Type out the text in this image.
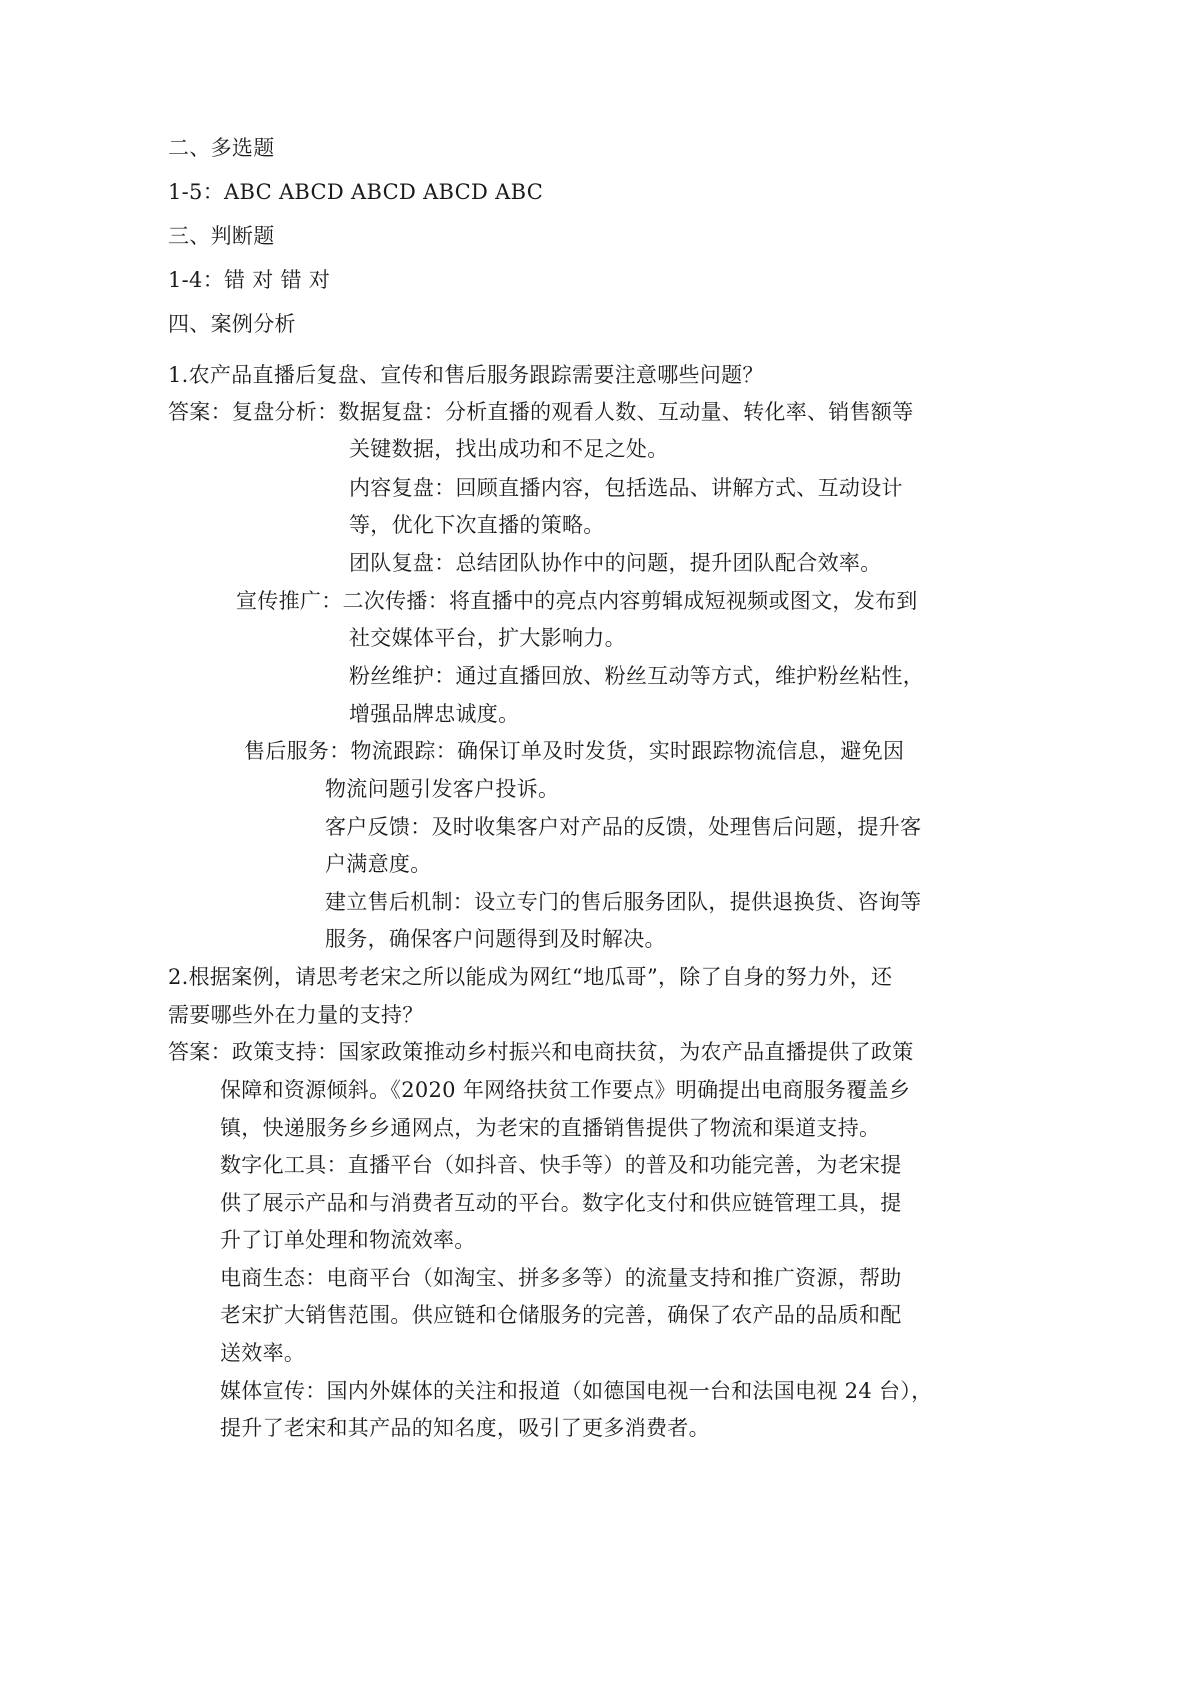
二、多选题
1-5：ABC ABCD ABCD ABCD ABC
三、判断题
1-4：错 对 错 对
四、案例分析
1.农产品直播后复盘、宣传和售后服务跟踪需要注意哪些问题？
答案：复盘分析：数据复盘：分析直播的观看人数、互动量、转化率、销售额等
关键数据，找出成功和不足之处。
内容复盘：回顾直播内容，包括选品、讲解方式、互动设计
等，优化下次直播的策略。
团队复盘：总结团队协作中的问题，提升团队配合效率。
宣传推广：二次传播：将直播中的亮点内容剪辑成短视频或图文，发布到
社交媒体平台，扩大影响力。
粉丝维护：通过直播回放、粉丝互动等方式，维护粉丝粘性，
增强品牌忠诚度。
售后服务：物流跟踪：确保订单及时发货，实时跟踪物流信息，避免因
物流问题引发客户投诉。
客户反馈：及时收集客户对产品的反馈，处理售后问题，提升客
户满意度。
建立售后机制：设立专门的售后服务团队，提供退换货、咨询等
服务，确保客户问题得到及时解决。
2.根据案例，请思考老宋之所以能成为网红“地瓜哥”，除了自身的努力外，还
需要哪些外在力量的支持？
答案：政策支持：国家政策推动乡村振兴和电商扶贫，为农产品直播提供了政策
保障和资源倾斜。《2020 年网络扶贫工作要点》明确提出电商服务覆盖乡
镇，快递服务乡乡通网点，为老宋的直播销售提供了物流和渠道支持。
数字化工具：直播平台（如抖音、快手等）的普及和功能完善，为老宋提
供了展示产品和与消费者互动的平台。数字化支付和供应链管理工具，提
升了订单处理和物流效率。
电商生态：电商平台（如淘宝、拼多多等）的流量支持和推广资源，帮助
老宋扩大销售范围。供应链和仓储服务的完善，确保了农产品的品质和配
送效率。
媒体宣传：国内外媒体的关注和报道（如德国电视一台和法国电视 24 台），
提升了老宋和其产品的知名度，吸引了更多消费者。
